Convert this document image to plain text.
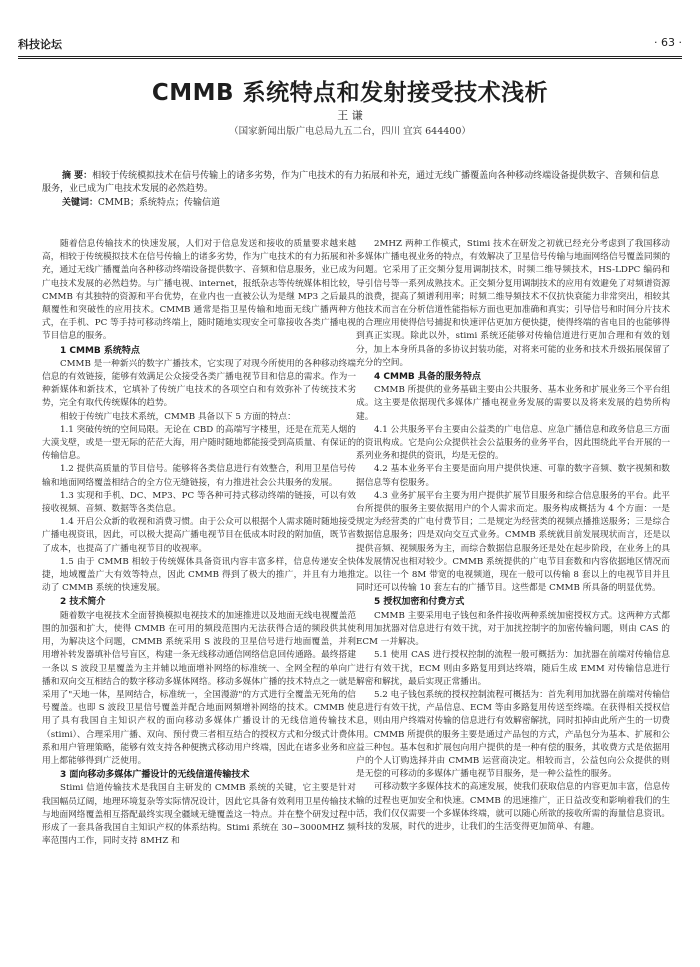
科技论坛	· 63 ·
CMMB 系统特点和发射接受技术浅析
王 谦
（国家新闻出版广电总局九五二台，四川 宜宾 644400）
摘 要：相较于传统模拟技术在信号传输上的诸多劣势，作为广电技术的有力拓展和补充，通过无线广播覆盖向各种移动终端设备提供数字、音频和信息服务，业已成为广电技术发展的必然趋势。
关键词：CMMB；系统特点；传输信道

随着信息传输技术的快速发展，人们对于信息发送和接收的质量要求越来越高，相较于传统模拟技术在信号传输上的诸多劣势，作为广电技术的有力拓展和补充，通过无线广播覆盖向各种移动终端设备提供数字、音频和信息服务，业已成为广电技术发展的必然趋势。与广播电视、internet，报纸杂志等传统媒体相比较，CMMB 有其独特的资源和平台优势，在业内也一直被公认为是继 MP3 之后最具颠覆性和突破性的应用技术。CMMB 通常是指卫星传输和地面无线广播两种方式，在手机、PC 等手持可移动终端上，随时随地实现安全可靠接收各类广播电视节目信息的服务。

1 CMMB 系统特点

CMMB 是一种新兴的数字广播技术，它实现了对现今所使用的各种移动终端信息的有效链接，能够有效满足公众接受各类广播电视节目和信息的需求。作为一种新媒体和新技术，它填补了传统广电技术的各项空白和有效弥补了传统技术劣势，完全有取代传统媒体的趋势。

相较于传统广电技术系统，CMMB 具备以下 5 方面的特点：

1.1 突破传统的空间局限。无论在 CBD 的高端写字楼里，还是在荒芜人烟的大漠戈壁，或是一望无际的茫茫大海，用户随时随地都能接受到高质量、有保证的传输信息。

1.2 提供高质量的节目信号。能够将各类信息进行有效整合，利用卫星信号传输和地面网络覆盖相结合的全方位无缝链接，有力推进社会公共服务的发展。

1.3 实现和手机、DC、MP3、PC 等各种可持式移动终端的链接，可以有效接收视频、音频、数据等各类信息。

1.4 开启公众新的收视和消费习惯。由于公众可以根据个人需求随时随地接受广播电视资讯，因此，可以极大提高广播电视节目在低成本时段的附加值，既节省了成本，也提高了广播电视节目的收视率。

1.5 由于 CMMB 相较于传统媒体具备资讯内容丰富多样，信息传递安全快捷，地域覆盖广大有效等特点，因此 CMMB 得到了极大的推广，并且有力地推动了 CMMB 系统的快速发展。

2 技术简介

随着数字电视技术全面替换模拟电视技术的加速推进以及地面无线电视覆盖范围的加强和扩大，使得 CMMB 在可用的频段范围内无法获得合适的频段供其使用，为解决这个问题，CMMB 系统采用 S 波段的卫星信号进行地面覆盖，并利用增补转发器填补信号盲区，构建一条无线移动通信网络信息回传通路。最终搭建一条以 S 波段卫星覆盖为主并辅以地面增补网络的标准统一、全网全程的单向广播和双向交互相结合的数字移动多媒体网络。移动多媒体广播的技术特点之一就是采用了"天地一体，星网结合，标准统一，全国漫游"的方式进行全覆盖无死角的信号覆盖。也即 S 波段卫星信号覆盖并配合地面网频增补网络的技术。CMMB 使用了具有我国自主知识产权的面向移动多媒体广播设计的无线信道传输技术（stimi）、合理采用广播、双向、预付费三者相互结合的授权方式和分级式计费体系和用户管理策略，能够有效支持各种便携式移动用户终端，因此在诸多业务和应用上都能够得到广泛使用。

3 面向移动多媒体广播设计的无线信道传输技术

Stimi 信道传输技术是我国自主研发的 CMMB 系统的关键，它主要是针对我国幅员辽阔，地理环境复杂等实际情况设计，因此它具备有效利用卫星传输技术与地面网络覆盖相互搭配最终实现全疆域无缝覆盖这一特点。并在整个研发过程中形成了一套具备我国自主知识产权的体系结构。Stimi 系统在 30~3000MHZ 频率范围内工作，同时支持 8MHZ 和

2MHZ 两种工作模式，Stimi 技术在研发之初就已经充分考虑到了我国移动多媒体广播电视业务的特点，有效解决了卫星信号传输与地面网络信号覆盖同频的问题。它采用了正交频分复用调制技术，时频二维导频技术，HS-LDPC 编码和导引信号等一系列成熟技术。正交频分复用调制技术的应用有效避免了对频谱资源的浪费，提高了频谱利用率；时频二维导频技术不仅抗快衰能力非常突出，相较其他技术而言在分析信道性能指标方面也更加准确和真实；引导信号和时间分片技术的合理应用使得信号捕捉和快速评估更加方便快捷，使得终端的省电目的也能够得到真正实现。除此以外，stimi 系统还能够对传输信道进行更加合理和有效的划分，加上本身所具备的多协议封装功能，对将来可能的业务和技术升级拓展保留了充分的空间。

4 CMMB 具备的服务特点

CMMB 所提供的业务基础主要由公共服务、基本业务和扩展业务三个平台组成。这主要是依据现代多媒体广播电视业务发展的需要以及将来发展的趋势所构建。

4.1 公共服务平台主要由公益类的广电信息、应急广播信息和政务信息三方面的资讯构成。它是向公众提供社会公益服务的业务平台，因此围绕此平台开展的一系列业务和提供的资讯，均是无偿的。

4.2 基本业务平台主要是面向用户提供快速、可靠的数字音频、数字视频和数据信息等有偿服务。

4.3 业务扩展平台主要为用户提供扩展节目服务和综合信息服务的平台。此平台所提供的服务主要依据用户的个人需求而定。服务构成概括为 4 个方面：一是规定为经营类的广电付费节目；二是规定为经营类的视频点播推送服务；三是综合数据信息服务；四是双向交互式业务。CMMB 系统就目前发展现状而言，还是以提供音频、视频服务为主，而综合数据信息服务还是处在起步阶段，在业务上的具体发展情况也相对较少。CMMB 系统提供的广电节目套数和内容依据地区情况而定。以往一个 8M 带宽的电视频道，现在一般可以传输 8 套以上的电视节目并且同时还可以传输 10 套左右的广播节目。这些都是 CMMB 所具备的明显优势。

5 授权加密和付费方式

CMMB 主要采用电子钱包和条件接收两种系统加密授权方式。这两种方式都利用加扰器对信息进行有效干扰，对于加扰控制字的加密传输问题，则由 CAS 的 ECM 一并解决。

5.1 使用 CAS 进行授权控制的流程一般可概括为：加扰器在前端对传输信息进行有效干扰，ECM 则由多路复用到达终端，随后生成 EMM 对传输信息进行解密和解扰，最后实现正常播出。

5.2 电子钱包系统的授权控制流程可概括为：首先利用加扰器在前端对传输信息进行有效干扰，产品信息、ECM 等由多路复用传送至终端。在获得相关授权信息，则由用户终端对传输的信息进行有效解密解扰，同时扣掉由此所产生的一切费用。CMMB 所提供的服务主要是通过产品包的方式，产品包分为基本、扩展和公益三种包。基本包和扩展包向用户提供的是一种有偿的服务，其收费方式是依据用户的个人订购选择并由 CMMB 运营商决定。相较而言，公益包向公众提供的则是无偿的可移动的多媒体广播电视节目服务，是一种公益性的服务。

可移动数字多媒体技术的高速发展，使我们获取信息的内容更加丰富，信息传输的过程也更加安全和快速。CMMB 的迅速推广，正日益改变和影响着我们的生活，我们仅仅需要一个多媒体终端，就可以随心所欲的接收所需的海量信息资讯。科技的发展，时代的进步，让我们的生活变得更加简单、有趣。
